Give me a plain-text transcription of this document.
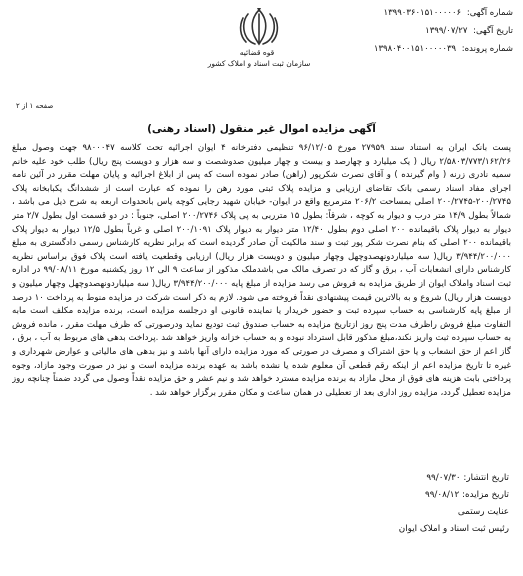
شماره آگهی: ۱۳۹۹۰۳۶۰۱۵۱۰۰۰۰۰۶
تاریخ آگهی: ۱۳۹۹/۰۷/۲۷
شماره پرونده: ۱۳۹۸۰۴۰۰۱۵۱۰۰۰۰۰۳۹
قوه قضائیه
سازمان ثبت اسناد و املاک کشور
صفحه ۱ از ۲
آگهی مزایده اموال غیر منقول (اسناد رهنی)
پست بانک ایران به استناد سند ۲۷۹۵۹ مورخ ۹۶/۱۲/۰۵ تنظیمی دفترخانه ۴ ایوان اجرائیه تحت کلاسه ۹۸۰۰۰۴۷ جهت وصول مبلغ ۲/۵۸۰۳/۷۷۳/۱۶۲/۲۶ ریال ( یک میلیارد و چهارصد و بیست و چهار میلیون صدوشصت و سه هزار و دویست پنج ریال) طلب خود علیه خانم سمیه نادری زرنه ( وام گیرنده ) و آقای نصرت شکرپور (راهن) صادر نموده است که پس از ابلاغ اجرائیه و پایان مهلت مقرر در آئین نامه اجرای مفاد اسناد رسمی بانک تقاضای ارزیابی و مزایده پلاک ثبتی مورد رهن را نموده که عبارت است از ششدانگ یکبابخانه پلاک ۲۰۰/۲۷۴۵-۲۰۰/۲۷۴۵ اصلی بمساحت ۲۰۶/۲ مترمربع واقع در ایوان- خیابان شهید رجایی کوچه یاس بانحدوات اربعه به شرح ذیل می باشد ، شمالاً بطول ۱۴/۹ متر درب و دیوار به کوچه ، شرقاً: بطول ۱۵ مترربی به پی پلاک ۲۰۰/۲۷۴۶ اصلی، جنوباً : در دو قسمت اول بطول ۲/۷ متر دیوار به دیوار پلاک باقیمانده ۲۰۰ اصلی دوم بطول ۱۲/۴۰ متر دیوار به دیوار پلاک ۲۰۰/۱۰۹۱ اصلی و غرباً بطول ۱۲/۵ دیوار به دیوار پلاک باقیمانده ۲۰۰ اصلی که بنام نصرت شکر پور ثبت و سند مالکیت آن صادر گردیده است که برابر نظریه کارشناس رسمی دادگستری به مبلغ ۳/۹۴۴/۲۰۰/۰۰۰ ریال( سه میلیاردونهصدوچهل وچهار میلیون و دویست هزار ریال) ارزیابی وقطعیت یافته است پلاک فوق براساس نظریه کارشناس دارای انشعابات آب ، برق و گاز که در تصرف مالک می باشدملک مذکور از ساعت ۹ الی ۱۲ روز یکشنبه مورخ ۹۹/۰۸/۱۱ در اداره ثبت اسناد واملاک ایوان از طریق مزایده به فروش می رسد مزایده از مبلغ پایه ۳/۹۴۴/۲۰۰/۰۰۰ ریال( سه میلیاردونهصدوچهل وچهار میلیون و دویست هزار ریال) شروع و به بالاترین قیمت پیشنهادی نقداً فروخته می شود. لازم به ذکر است شرکت در مزایده منوط به پرداخت ۱۰ درصد از مبلغ پایه کارشناسی به حساب سپرده ثبت و حضور خریدار یا نماینده قانونی او درجلسه مزایده است، برنده مزایده مکلف است مابه التفاوت مبلغ فروش راظرف مدت پنج روز ازتاریخ مزایده به حساب صندوق ثبت تودیع نماید ودرصورتی که ظرف مهلت مقرر ، مانده فروش به حساب سپرده ثبت واریز نکند،مبلغ مذکور قابل استرداد نبوده و به حساب خزانه واریز خواهد شد .پرداخت بدهی های مربوط به آب ، برق ، گاز اعم از حق انشعاب و یا حق اشتراک و مصرف در صورتی که مورد مزایده دارای آنها باشد و نیز بدهی های مالیاتی و عوارض شهرداری و غیره تا تاریخ مزایده اعم از اینکه رقم قطعی آن معلوم شده یا نشده باشد به عهده برنده مزایده است و نیز در صورت وجود مازاد، وجوه پرداختی بابت هزینه های فوق از محل مازاد به برنده مزایده مسترد خواهد شد و نیم عشر و حق مزایده نقداً وصول می گردد ضمناً چنانچه روز مزایده تعطیل گردد، مزایده روز اداری بعد از تعطیلی در همان ساعت و مکان مقرر برگزار خواهد شد .
تاریخ انتشار: ۹۹/۰۷/۳۰
تاریخ مزایده: ۹۹/۰۸/۱۲
عنایت رستمی
رئیس ثبت اسناد و املاک ایوان
